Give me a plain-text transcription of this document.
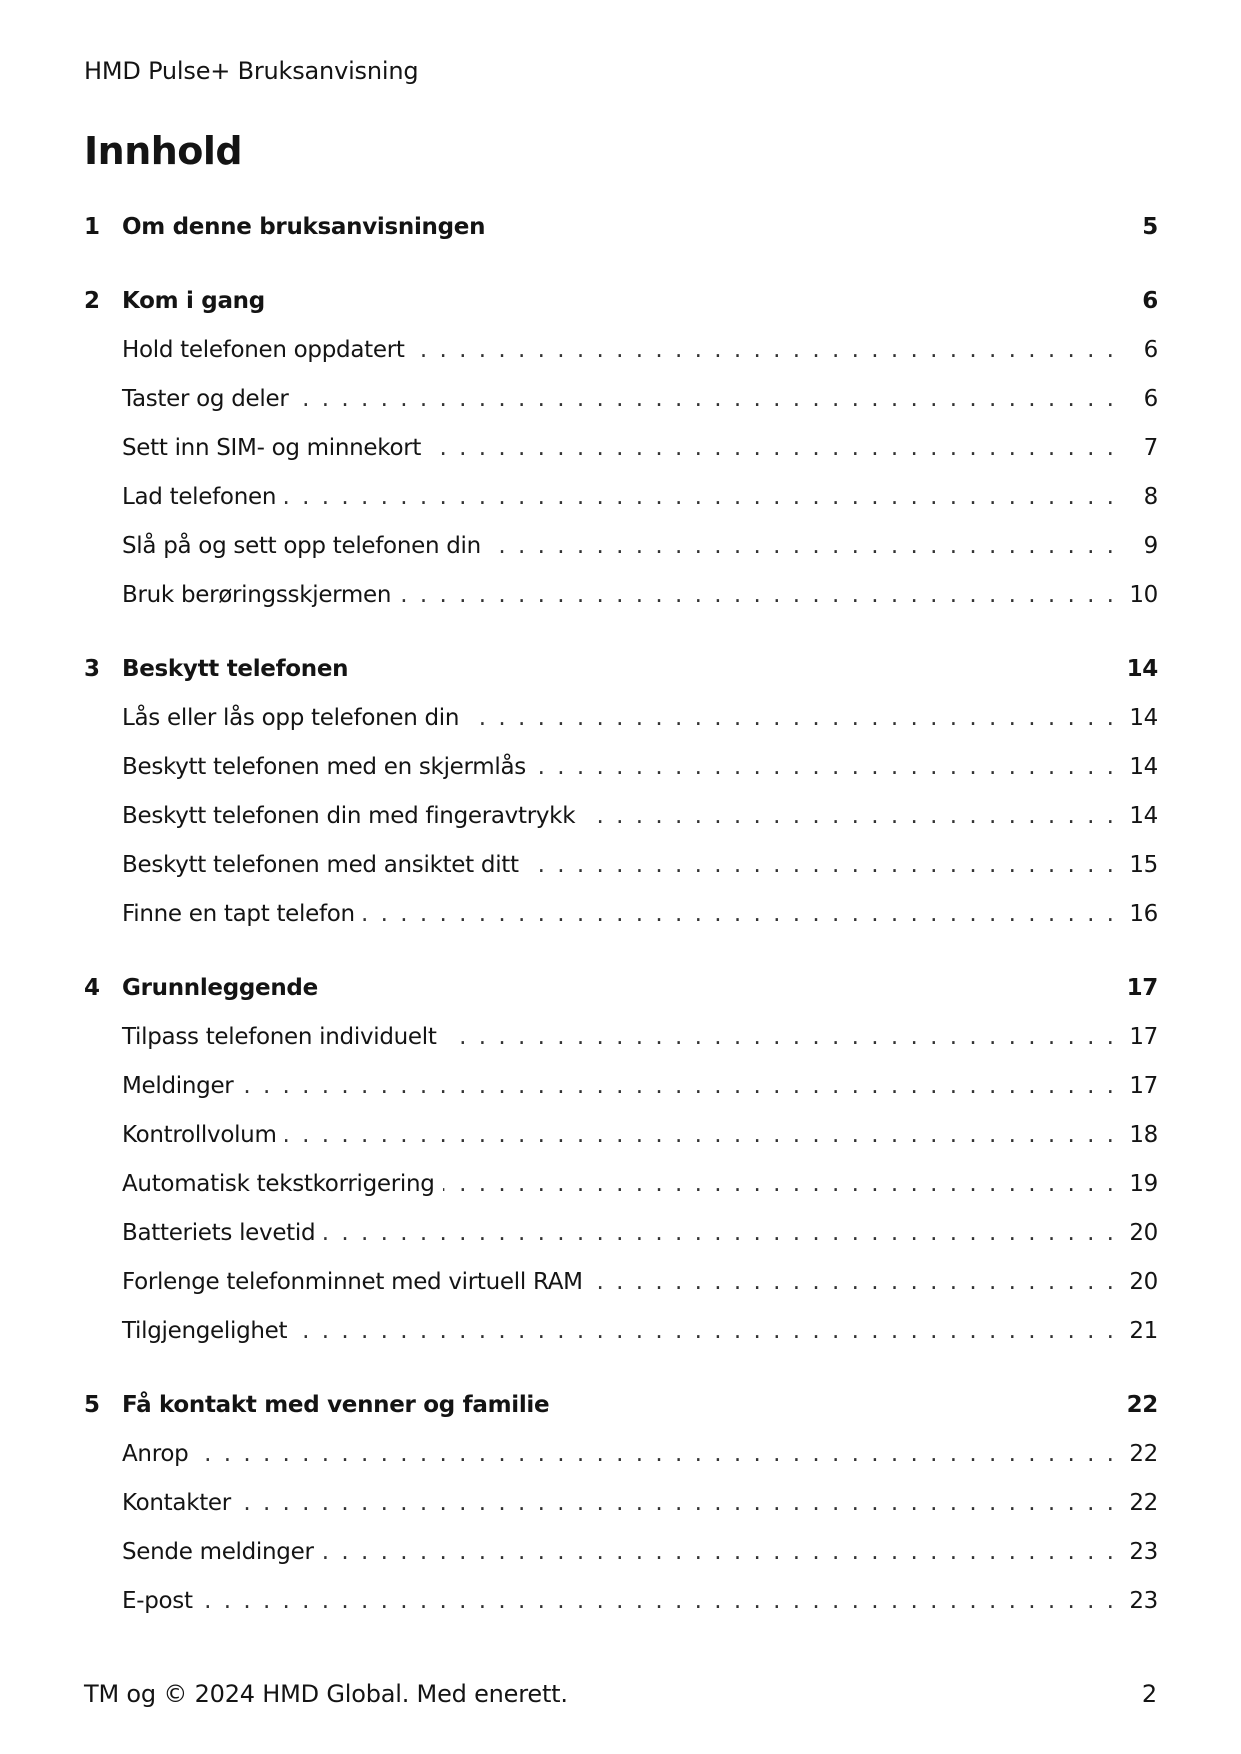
HMD Pulse+ Bruksanvisning
Innhold
1 Om denne bruksanvisningen	5
2 Kom i gang	6
Hold telefonen oppdatert . . .	6
Taster og deler . . .	6
Sett inn SIM- og minnekort . . .	7
Lad telefonen . . .	8
Slå på og sett opp telefonen din . . .	9
Bruk berøringsskjermen . . .	10
3 Beskytt telefonen	14
Lås eller lås opp telefonen din . . .	14
Beskytt telefonen med en skjermlås . . .	14
Beskytt telefonen din med fingeravtrykk . . .	14
Beskytt telefonen med ansiktet ditt . . .	15
Finne en tapt telefon . . .	16
4 Grunnleggende	17
Tilpass telefonen individuelt . . .	17
Meldinger . . .	17
Kontrollvolum . . .	18
Automatisk tekstkorrigering . . .	19
Batteriets levetid . . .	20
Forlenge telefonminnet med virtuell RAM . . .	20
Tilgjengelighet . . .	21
5 Få kontakt med venner og familie	22
Anrop . . .	22
Kontakter . . .	22
Sende meldinger . . .	23
E-post . . .	23
TM og © 2024 HMD Global. Med enerett.	2
